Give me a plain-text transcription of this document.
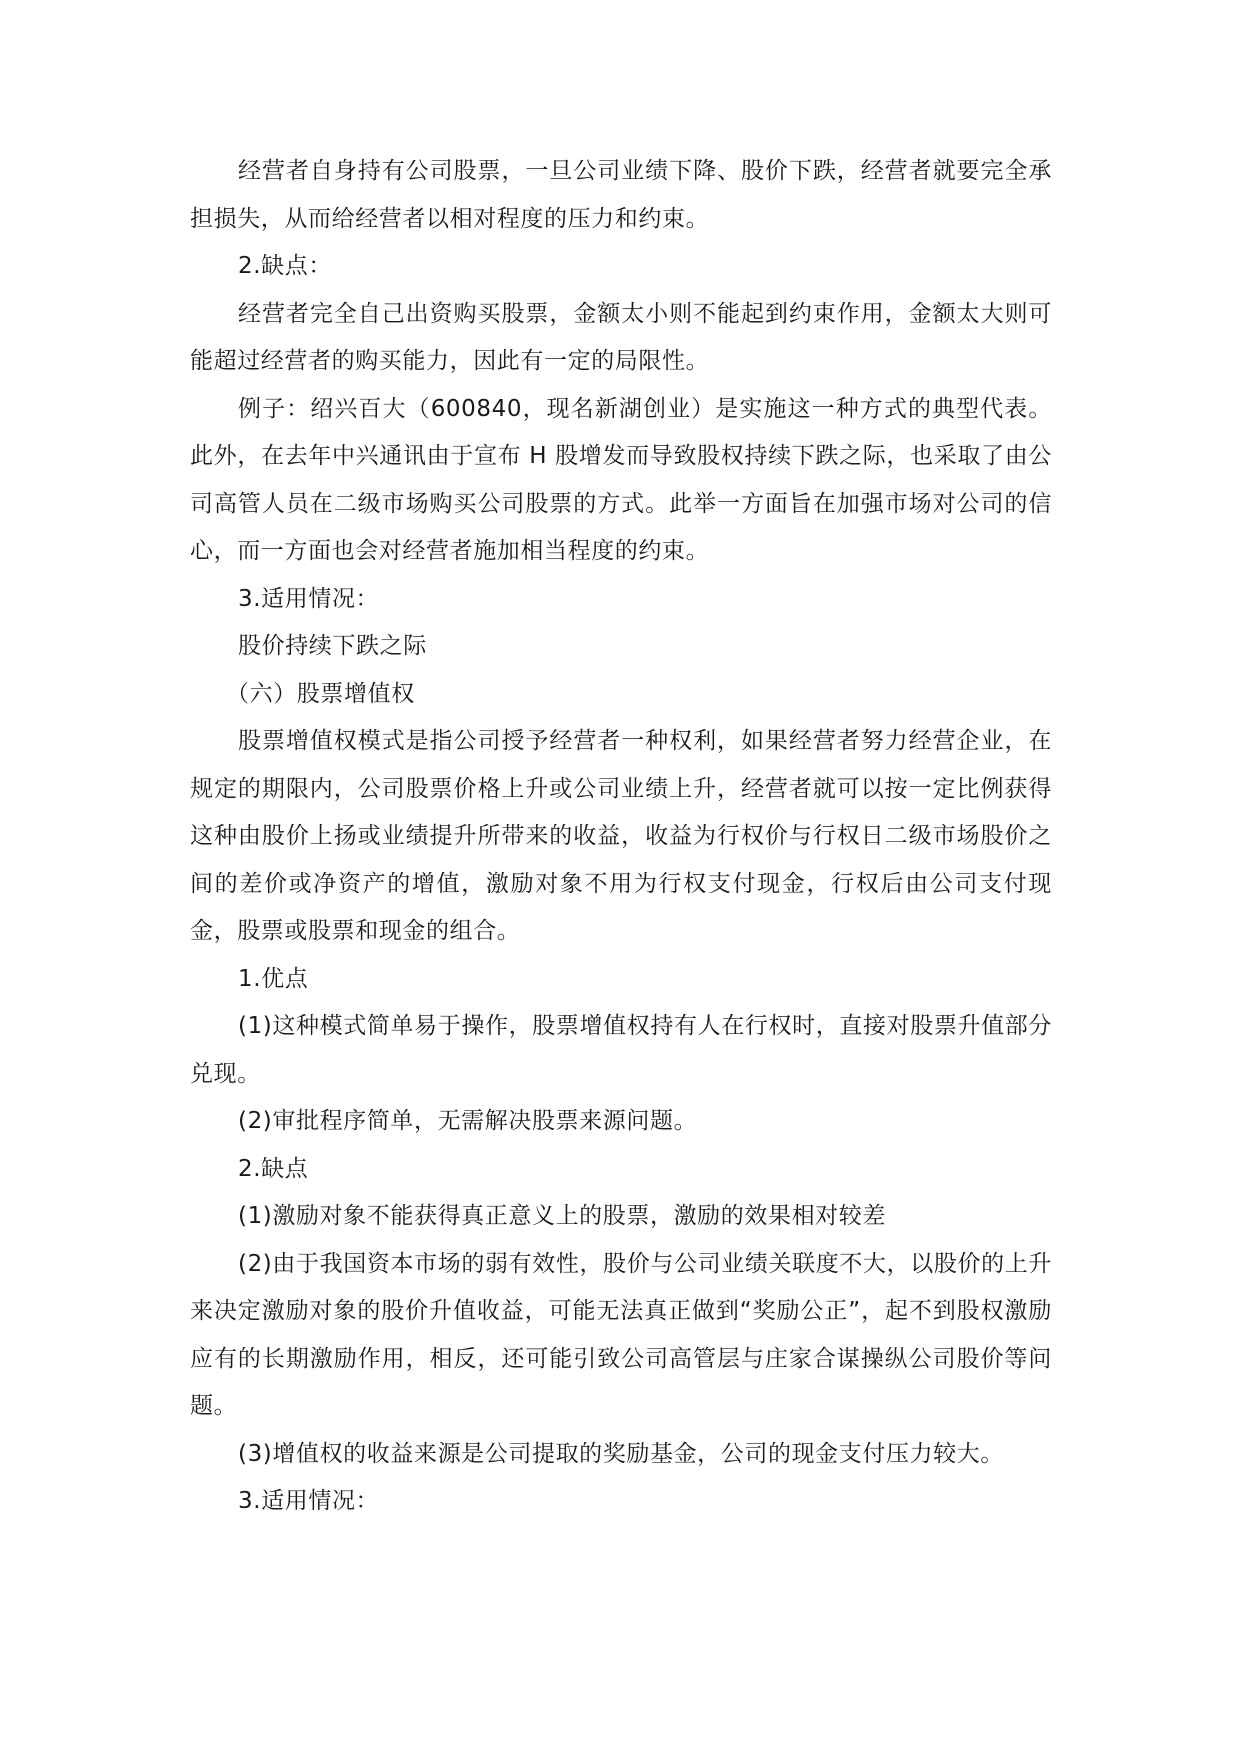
经营者自身持有公司股票，一旦公司业绩下降、股价下跌，经营者就要完全承担损失，从而给经营者以相对程度的压力和约束。

2.缺点：

经营者完全自己出资购买股票，金额太小则不能起到约束作用，金额太大则可能超过经营者的购买能力，因此有一定的局限性。

例子：绍兴百大（600840，现名新湖创业）是实施这一种方式的典型代表。此外，在去年中兴通讯由于宣布 H 股增发而导致股权持续下跌之际，也采取了由公司高管人员在二级市场购买公司股票的方式。此举一方面旨在加强市场对公司的信心，而一方面也会对经营者施加相当程度的约束。

3.适用情况：

股价持续下跌之际

（六）股票增值权

股票增值权模式是指公司授予经营者一种权利，如果经营者努力经营企业，在规定的期限内，公司股票价格上升或公司业绩上升，经营者就可以按一定比例获得这种由股价上扬或业绩提升所带来的收益，收益为行权价与行权日二级市场股价之间的差价或净资产的增值，激励对象不用为行权支付现金，行权后由公司支付现金，股票或股票和现金的组合。

1.优点

(1)这种模式简单易于操作，股票增值权持有人在行权时，直接对股票升值部分兑现。

(2)审批程序简单，无需解决股票来源问题。

2.缺点

(1)激励对象不能获得真正意义上的股票，激励的效果相对较差

(2)由于我国资本市场的弱有效性，股价与公司业绩关联度不大，以股价的上升来决定激励对象的股价升值收益，可能无法真正做到“奖励公正”，起不到股权激励应有的长期激励作用，相反，还可能引致公司高管层与庄家合谋操纵公司股价等问题。

(3)增值权的收益来源是公司提取的奖励基金，公司的现金支付压力较大。

3.适用情况：
